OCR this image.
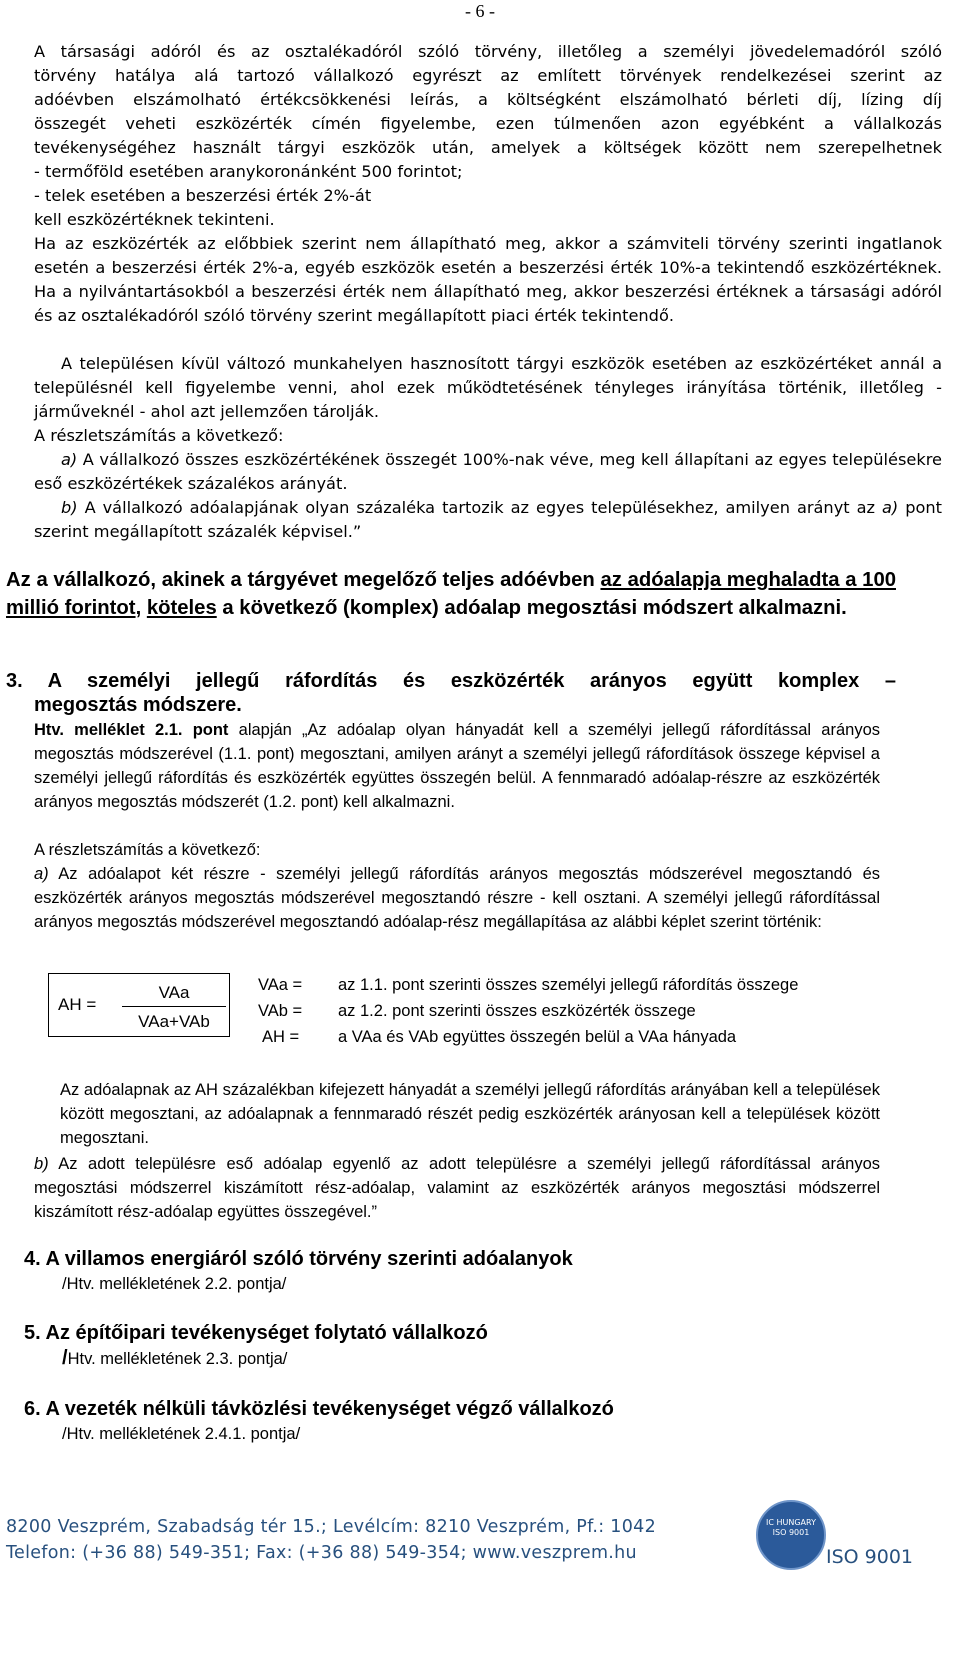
- 6 -
A társasági adóról és az osztalékadóról szóló törvény, illetőleg a személyi jövedelemadóról szóló
törvény hatálya alá tartozó vállalkozó egyrészt az említett törvények rendelkezései szerint az
adóévben elszámolható értékcsökkenési leírás, a költségként elszámolható bérleti díj, lízing díj
összegét veheti eszközérték címén figyelembe, ezen túlmenően azon egyébként a vállalkozás
tevékenységéhez használt tárgyi eszközök után, amelyek a költségek között nem szerepelhetnek
- termőföld esetében aranykoronánként 500 forintot;
- telek esetében a beszerzési érték 2%-át
kell eszközértéknek tekinteni.
Ha az eszközérték az előbbiek szerint nem állapítható meg, akkor a számviteli törvény szerinti ingatlanok esetén a beszerzési érték 2%-a, egyéb eszközök esetén a beszerzési érték 10%-a tekintendő eszközértéknek. Ha a nyilvántartásokból a beszerzési érték nem állapítható meg, akkor beszerzési értéknek a társasági adóról és az osztalékadóról szóló törvény szerint megállapított piaci érték tekintendő.
A településen kívül változó munkahelyen hasznosított tárgyi eszközök esetében az eszközértéket annál a településnél kell figyelembe venni, ahol ezek működtetésének tényleges irányítása történik, illetőleg - járműveknél - ahol azt jellemzően tárolják.
A részletszámítás a következő:
a) A vállalkozó összes eszközértékének összegét 100%-nak véve, meg kell állapítani az egyes településekre eső eszközértékek százalékos arányát.
b) A vállalkozó adóalapjának olyan százaléka tartozik az egyes településekhez, amilyen arányt az a) pont szerint megállapított százalék képvisel.”
Az a vállalkozó, akinek a tárgyévet megelőző teljes adóévben az adóalapja meghaladta a 100 millió forintot, köteles a következő (komplex) adóalap megosztási módszert alkalmazni.
3. A személyi jellegű ráfordítás és eszközérték arányos együtt komplex –
megosztás módszere.
Htv. melléklet 2.1. pont alapján „Az adóalap olyan hányadát kell a személyi jellegű ráfordítással arányos megosztás módszerével (1.1. pont) megosztani, amilyen arányt a személyi jellegű ráfordítások összege képvisel a személyi jellegű ráfordítás és eszközérték együttes összegén belül. A fennmaradó adóalap-részre az eszközérték arányos megosztás módszerét (1.2. pont) kell alkalmazni.
A részletszámítás a következő:
a) Az adóalapot két részre - személyi jellegű ráfordítás arányos megosztás módszerével megosztandó és eszközérték arányos megosztás módszerével megosztandó részre - kell osztani. A személyi jellegű ráfordítással arányos megosztás módszerével megosztandó adóalap-rész megállapítása az alábbi képlet szerint történik:
AH =
VAa
VAa+VAb
VAa = az 1.1. pont szerinti összes személyi jellegű ráfordítás összege
VAb = az 1.2. pont szerinti összes eszközérték összege
AH = a VAa és VAb együttes összegén belül a VAa hányada
Az adóalapnak az AH százalékban kifejezett hányadát a személyi jellegű ráfordítás arányában kell a települések között megosztani, az adóalapnak a fennmaradó részét pedig eszközérték arányosan kell a települések között megosztani.
b) Az adott településre eső adóalap egyenlő az adott településre a személyi jellegű ráfordítással arányos megosztási módszerrel kiszámított rész-adóalap, valamint az eszközérték arányos megosztási módszerrel kiszámított rész-adóalap együttes összegével.”
4. A villamos energiáról szóló törvény szerinti adóalanyok
/Htv. mellékletének 2.2. pontja/
5. Az építőipari tevékenységet folytató vállalkozó
/Htv. mellékletének 2.3. pontja/
6. A vezeték nélküli távközlési tevékenységet végző vállalkozó
/Htv. mellékletének 2.4.1. pontja/
8200 Veszprém, Szabadság tér 15.; Levélcím: 8210 Veszprém, Pf.: 1042
Telefon: (+36 88) 549-351; Fax: (+36 88) 549-354; www.veszprem.hu
IC HUNGARY ISO 9001
ISO 9001
